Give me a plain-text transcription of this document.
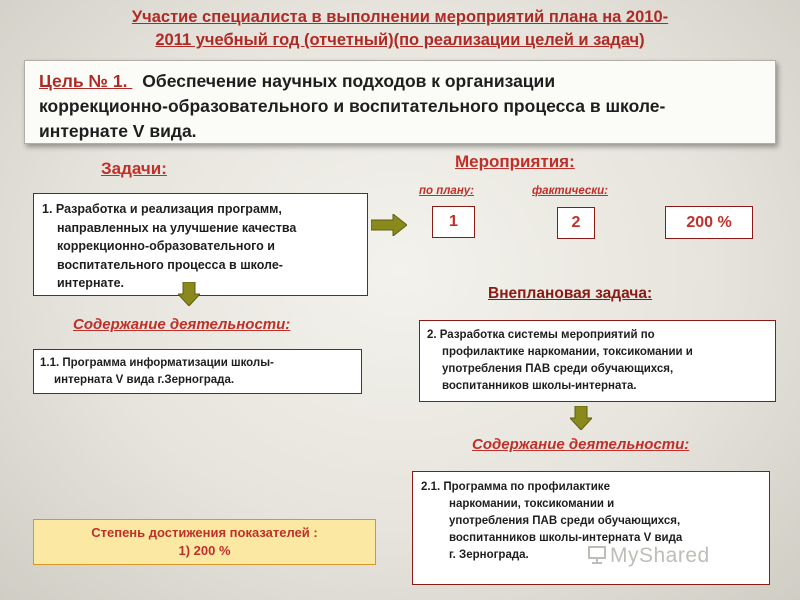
Участие специалиста в выполнении мероприятий плана на 2010-
2011 учебный год (отчетный)(по реализации целей и задач)
Цель № 1. Обеспечение научных подходов к организации
коррекционно-образовательного и воспитательного процесса в школе-
интернате V вида.
Задачи:	Мероприятия:
1. Разработка и реализация программ,
направленных на улучшение качества
коррекционно-образовательного и
воспитательного процесса в школе-
интернате.
по плану:	фактически:
1	2	200 %
Внеплановая задача:
Содержание деятельности:
1.1. Программа информатизации школы-
интерната V вида г.Зернограда.
2. Разработка системы мероприятий по
профилактике наркомании, токсикомании и
употребления ПАВ среди обучающихся,
воспитанников школы-интерната.
Содержание деятельности:
2.1. Программа по профилактике
наркомании, токсикомании и
употребления ПАВ среди обучающихся,
воспитанников школы-интерната V вида
г. Зернограда.
Степень достижения показателей :
1) 200 %	MyShared
